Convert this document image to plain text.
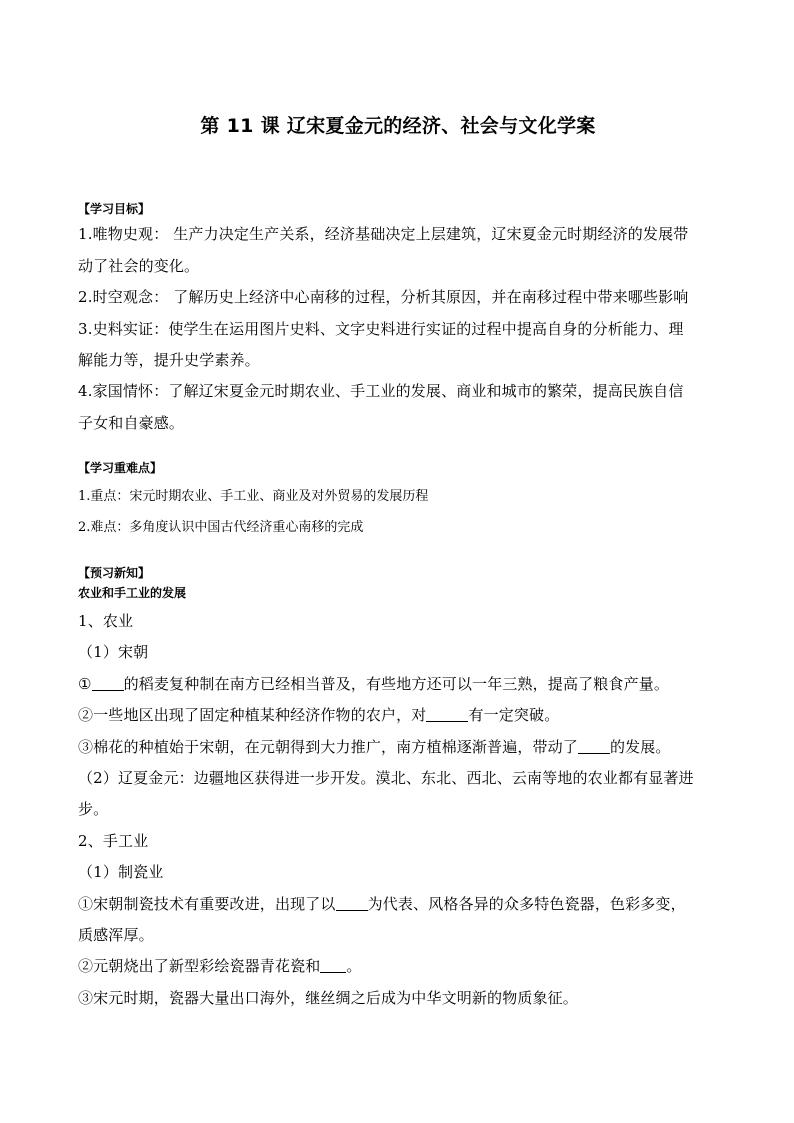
第 11 课 辽宋夏金元的经济、社会与文化学案
【学习目标】
1.唯物史观： 生产力决定生产关系，经济基础决定上层建筑，辽宋夏金元时期经济的发展带
动了社会的变化。
2.时空观念： 了解历史上经济中心南移的过程，分析其原因，并在南移过程中带来哪些影响
3.史料实证：使学生在运用图片史料、文字史料进行实证的过程中提高自身的分析能力、理
解能力等，提升史学素养。
4.家国情怀：了解辽宋夏金元时期农业、手工业的发展、商业和城市的繁荣，提高民族自信
子女和自豪感。
【学习重难点】
1.重点：宋元时期农业、手工业、商业及对外贸易的发展历程
2.难点：多角度认识中国古代经济重心南移的完成
【预习新知】
农业和手工业的发展
1、农业
（1）宋朝
① 的稻麦复种制在南方已经相当普及，有些地方还可以一年三熟，提高了粮食产量。
②一些地区出现了固定种植某种经济作物的农户，对	有一定突破。
③棉花的种植始于宋朝，在元朝得到大力推广，南方植棉逐渐普遍，带动了 的发展。
（2）辽夏金元：边疆地区获得进一步开发。漠北、东北、西北、云南等地的农业都有显著进
步。
2、手工业
（1）制瓷业
①宋朝制瓷技术有重要改进，出现了以 为代表、风格各异的众多特色瓷器，色彩多变，
质感浑厚。
②元朝烧出了新型彩绘瓷器青花瓷和 。
③宋元时期，瓷器大量出口海外，继丝绸之后成为中华文明新的物质象征。
